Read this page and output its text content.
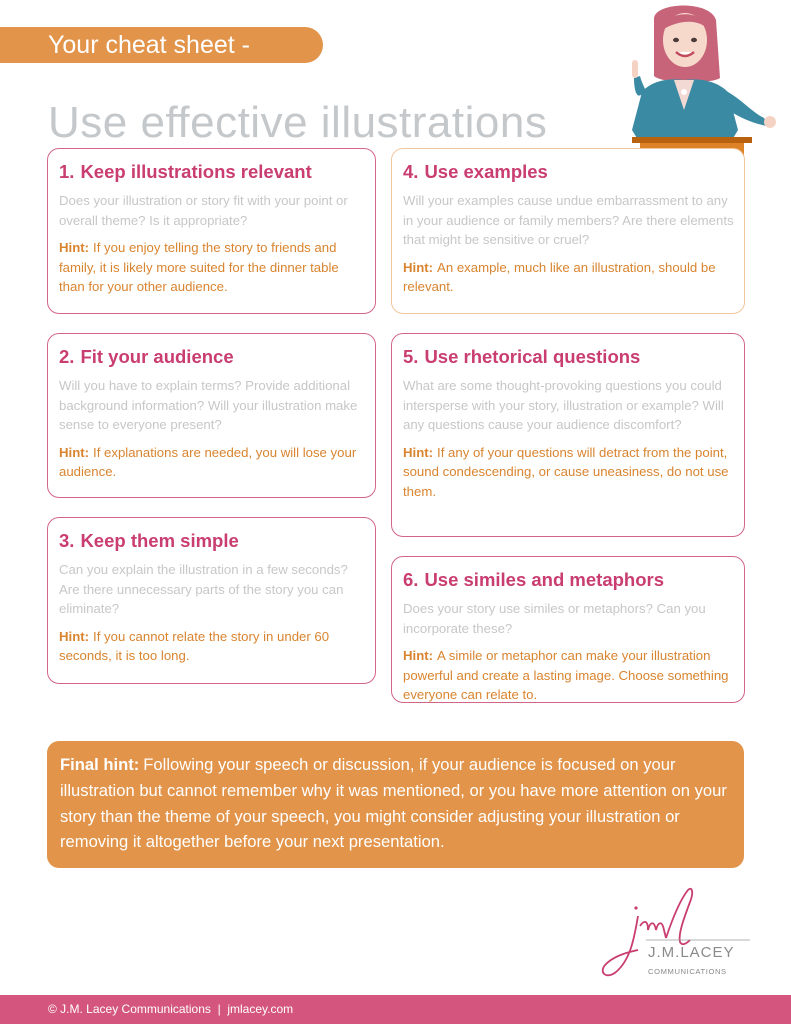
Your cheat sheet -
Use effective illustrations
1. Keep illustrations relevant

Does your illustration or story fit with your point or overall theme? Is it appropriate?

Hint: If you enjoy telling the story to friends and family, it is likely more suited for the dinner table than for your other audience.

2. Fit your audience

Will you have to explain terms? Provide additional background information? Will your illustration make sense to everyone present?

Hint: If explanations are needed, you will lose your audience.

3. Keep them simple

Can you explain the illustration in a few seconds? Are there unnecessary parts of the story you can eliminate?

Hint: If you cannot relate the story in under 60 seconds, it is too long.

4. Use examples

Will your examples cause undue embarrassment to any in your audience or family members? Are there elements that might be sensitive or cruel?

Hint: An example, much like an illustration, should be relevant.

5. Use rhetorical questions

What are some thought-provoking questions you could intersperse with your story, illustration or example? Will any questions cause your audience discomfort?

Hint: If any of your questions will detract from the point, sound condescending, or cause uneasiness, do not use them.

6. Use similes and metaphors

Does your story use similes or metaphors? Can you incorporate these?

Hint: A simile or metaphor can make your illustration powerful and create a lasting image. Choose something everyone can relate to.

Final hint: Following your speech or discussion, if your audience is focused on your illustration but cannot remember why it was mentioned, or you have more attention on your story than the theme of your speech, you might consider adjusting your illustration or removing it altogether before your next presentation.
J.M.LACEY
COMMUNICATIONS
© J.M. Lacey Communications  |  jmlacey.com
